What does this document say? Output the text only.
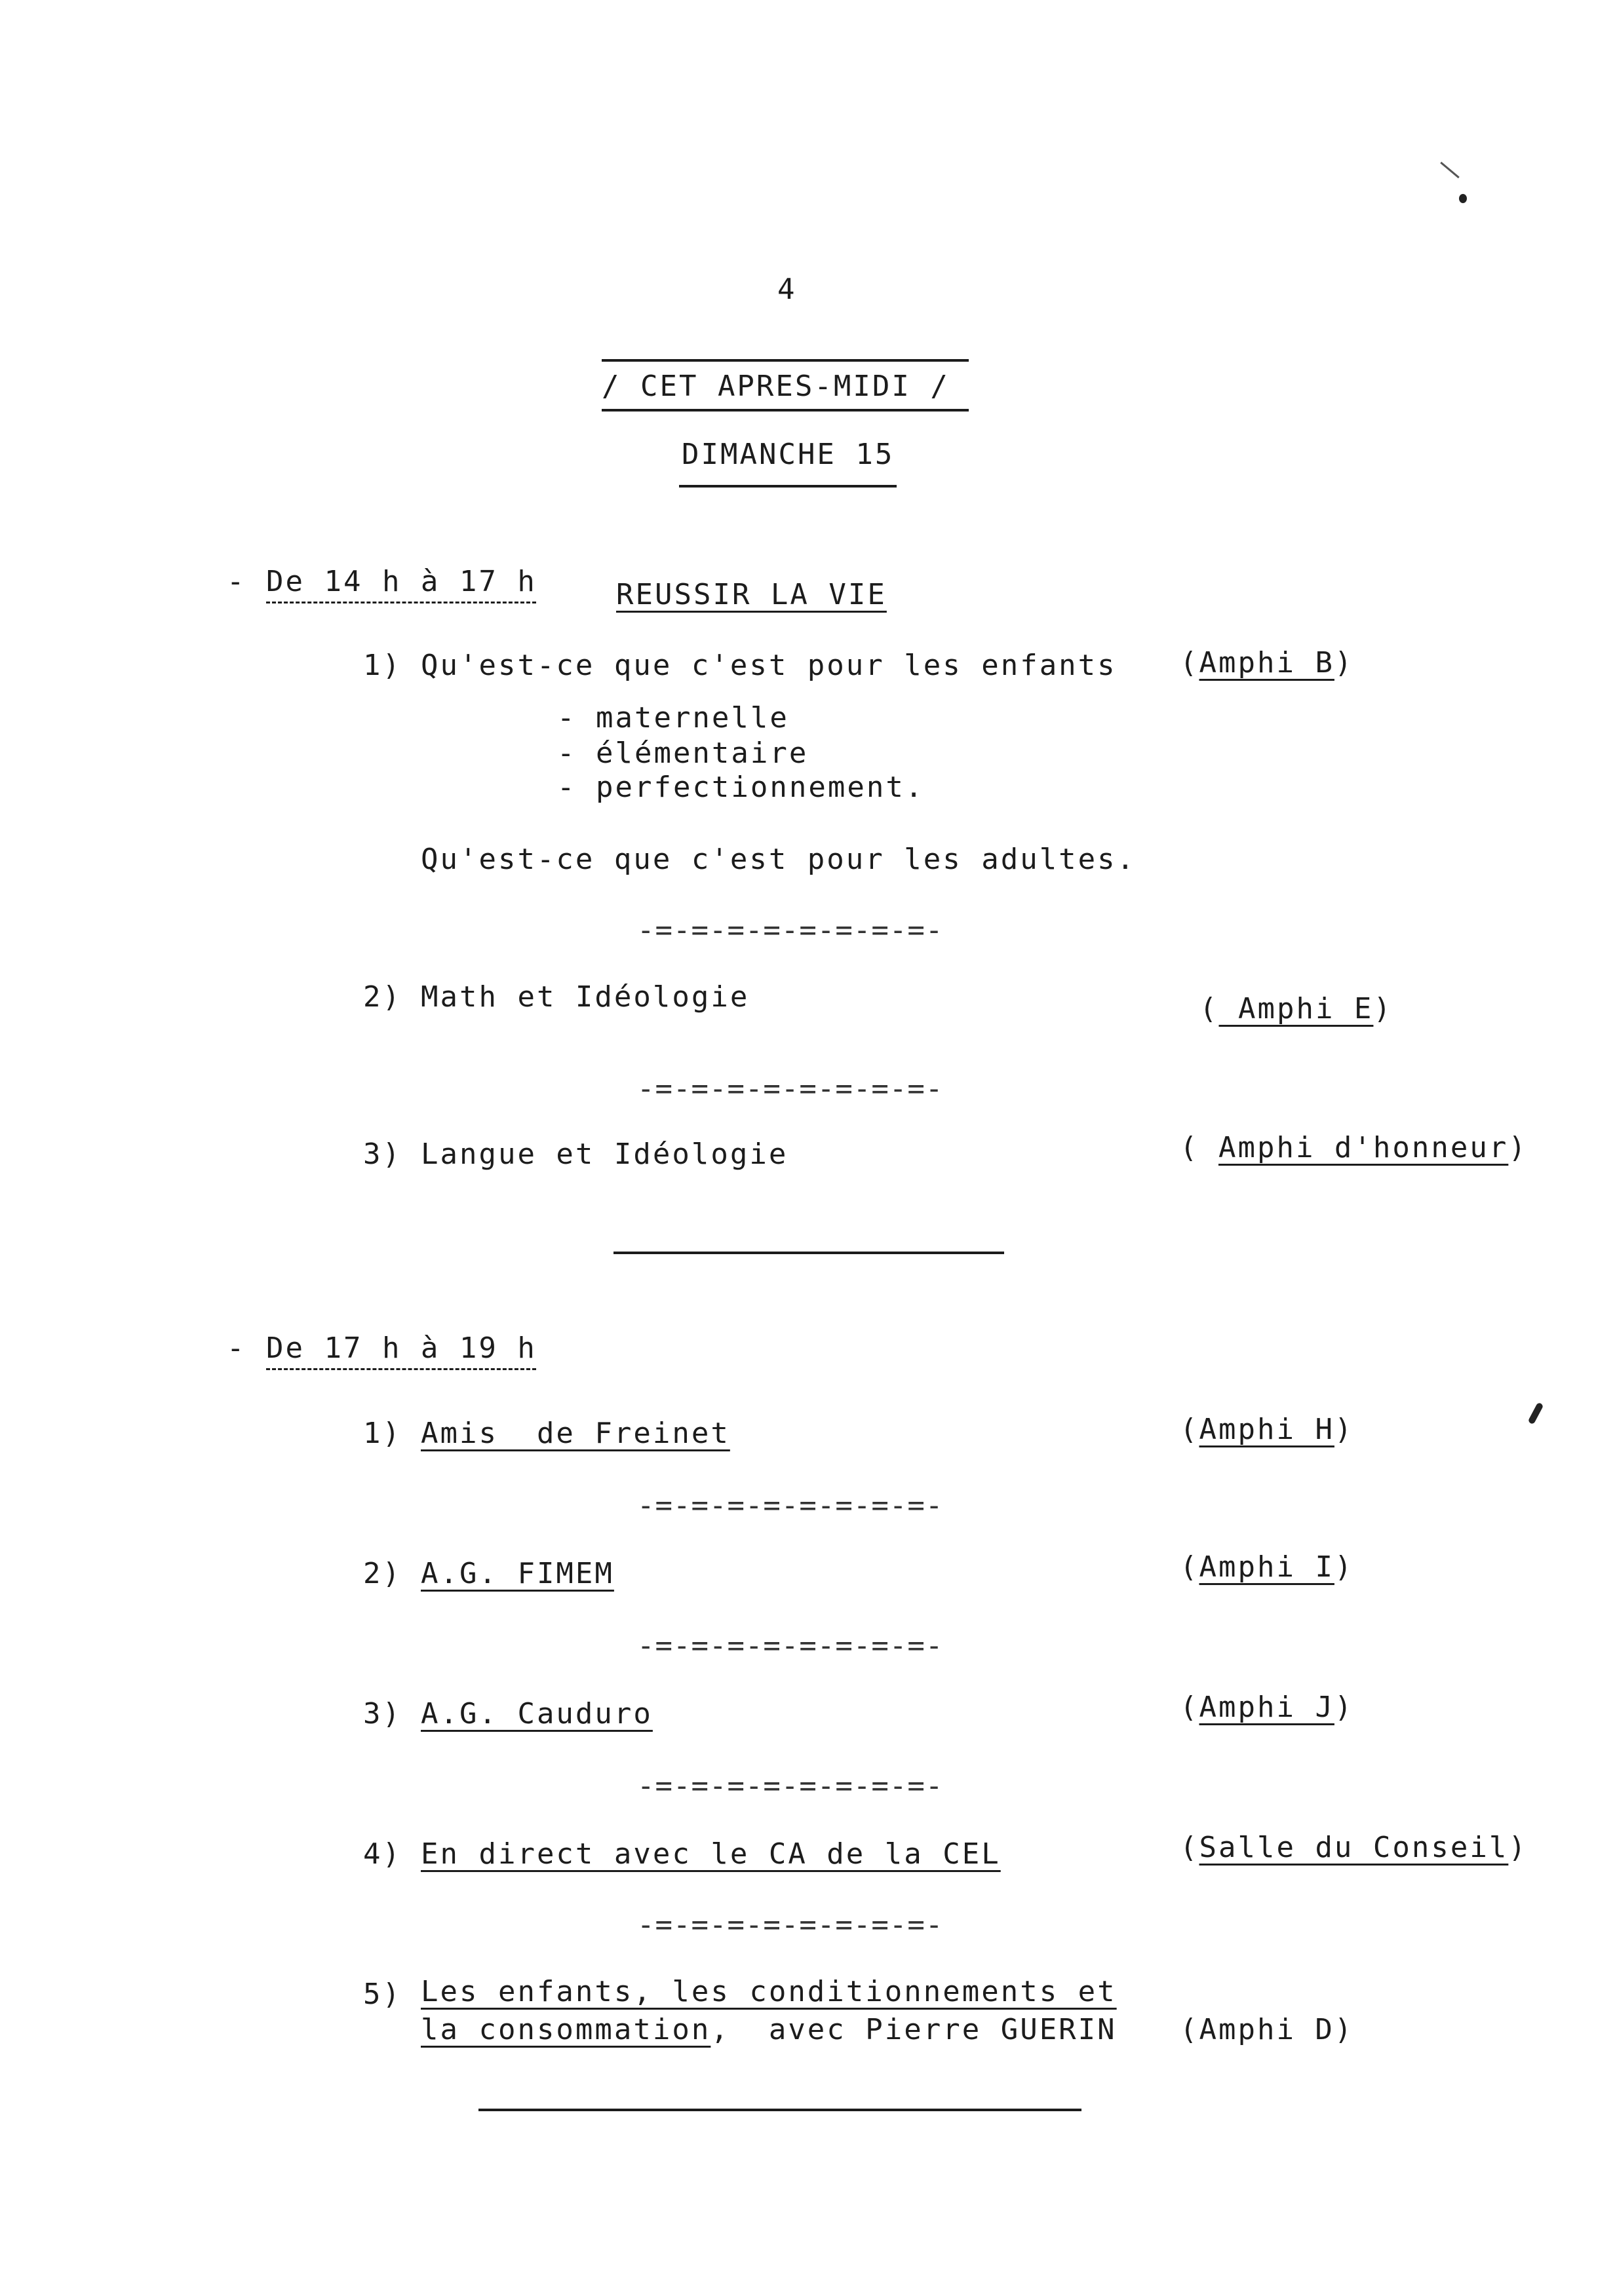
4
/ CET APRES-MIDI /
DIMANCHE 15
- De 14 h à 17 h	REUSSIR LA VIE
1) Qu'est-ce que c'est pour les enfants (Amphi B)
- maternelle
- élémentaire
- perfectionnement.
Qu'est-ce que c'est pour les adultes.
-=-=-=-=-=-=-=-=-
2) Math et Idéologie	( Amphi E)
-=-=-=-=-=-=-=-=-
3) Langue et Idéologie	( Amphi d'honneur)
- De 17 h à 19 h
1) Amis  de Freinet	(Amphi H)
-=-=-=-=-=-=-=-=-
2) A.G. FIMEM	(Amphi I)
-=-=-=-=-=-=-=-=-
3) A.G. Cauduro	(Amphi J)
-=-=-=-=-=-=-=-=-
4) En direct avec le CA de la CEL	(Salle du Conseil)
-=-=-=-=-=-=-=-=-
5) Les enfants, les conditionnements et
la consommation,  avec Pierre GUERIN (Amphi D)
